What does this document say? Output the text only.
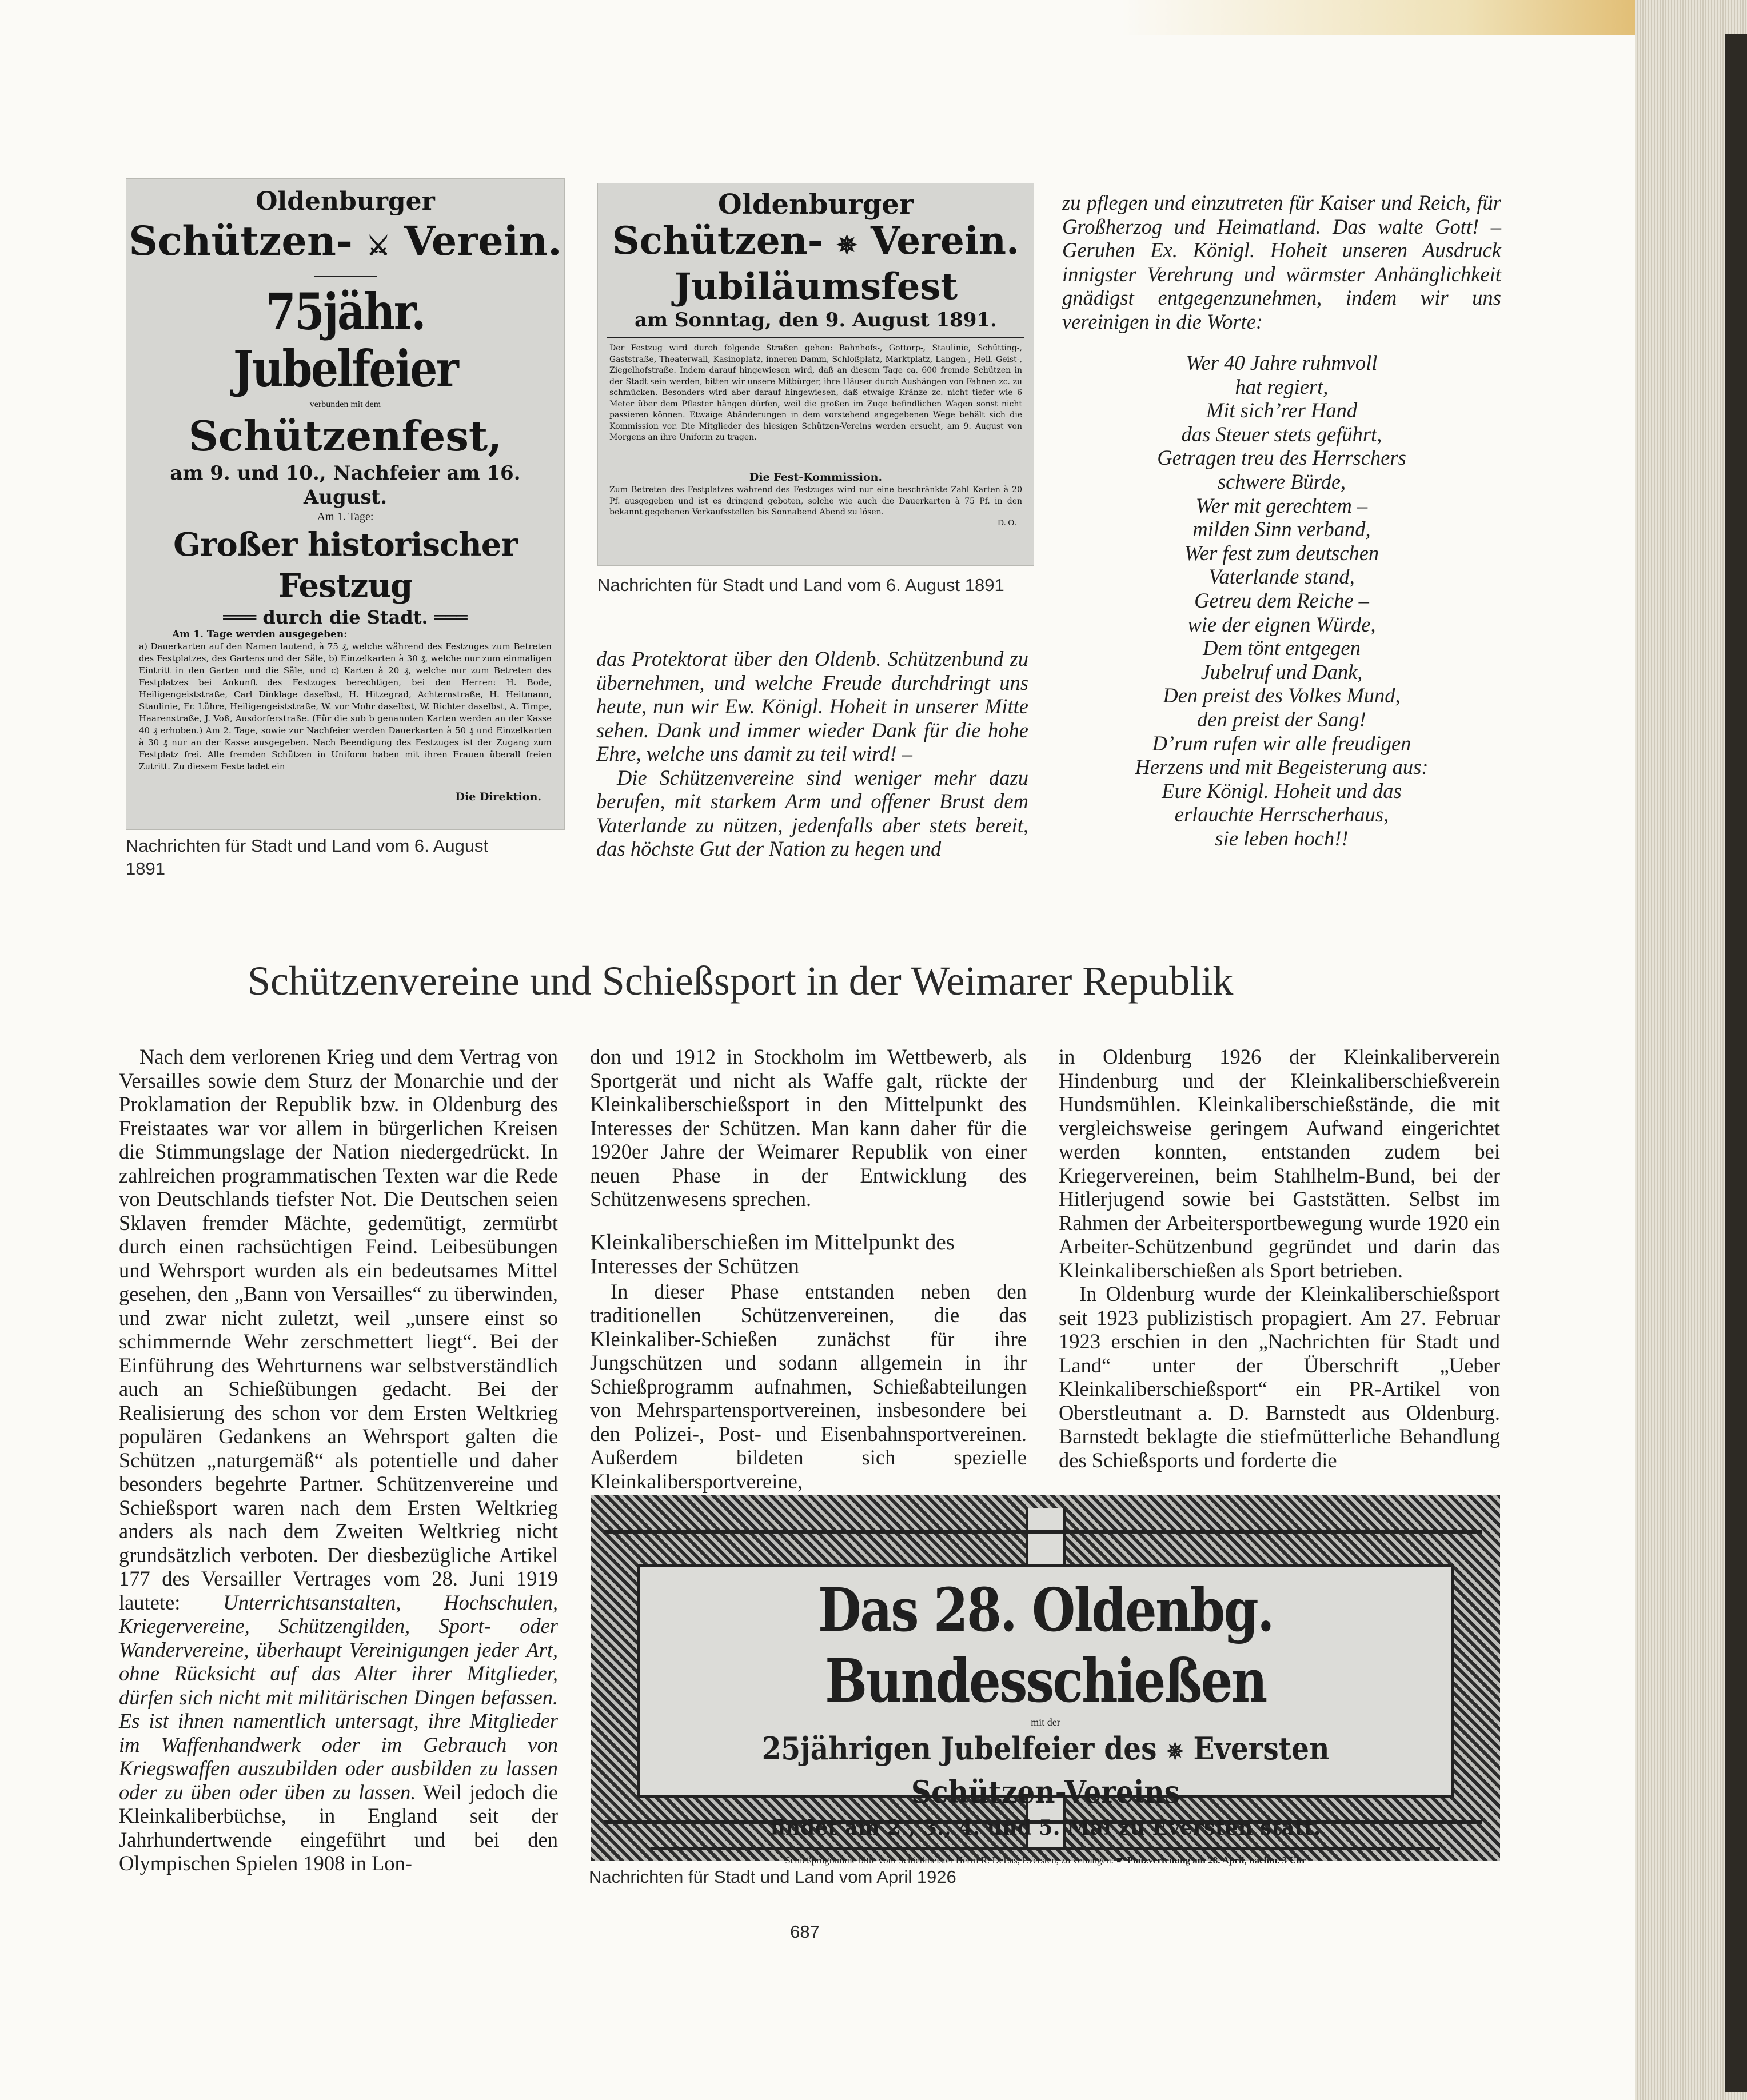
Oldenburger
Schützen- ⚔ Verein.
75jähr. Jubelfeier
verbunden mit dem
Schützenfest,
am 9. und 10., Nachfeier am 16. August.
Am 1. Tage:
Großer historischer Festzug
═══ durch die Stadt. ═══
Am 1. Tage werden ausgegeben:
a) Dauerkarten auf den Namen lautend, à 75 ₰, welche während des Festzuges zum Betreten des Festplatzes, des Gartens und der Säle, b) Einzelkarten à 30 ₰, welche nur zum einmaligen Eintritt in den Garten und die Säle, und c) Karten à 20 ₰, welche nur zum Betreten des Festplatzes bei Ankunft des Festzuges berechtigen, bei den Herren: H. Bode, Heiligengeiststraße, Carl Dinklage daselbst, H. Hitzegrad, Achternstraße, H. Heitmann, Staulinie, Fr. Lühre, Heiligengeiststraße, W. vor Mohr daselbst, W. Richter daselbst, A. Timpe, Haarenstraße, J. Voß, Ausdorferstraße. (Für die sub b genannten Karten werden an der Kasse 40 ₰ erhoben.) Am 2. Tage, sowie zur Nachfeier werden Dauerkarten à 50 ₰ und Einzelkarten à 30 ₰ nur an der Kasse ausgegeben. Nach Beendigung des Festzuges ist der Zugang zum Festplatz frei. Alle fremden Schützen in Uniform haben mit ihren Frauen überall freien Zutritt. Zu diesem Feste ladet ein
Die Direktion.
Nachrichten für Stadt und Land vom 6. August 1891
Oldenburger
Schützen- ✵ Verein.
Jubiläumsfest
am Sonntag, den 9. August 1891.
Der Festzug wird durch folgende Straßen gehen: Bahnhofs-, Gottorp-, Staulinie, Schütting-, Gaststraße, Theaterwall, Kasinoplatz, inneren Damm, Schloßplatz, Marktplatz, Langen-, Heil.-Geist-, Ziegelhofstraße. Indem darauf hingewiesen wird, daß an diesem Tage ca. 600 fremde Schützen in der Stadt sein werden, bitten wir unsere Mitbürger, ihre Häuser durch Aushängen von Fahnen zc. zu schmücken. Besonders wird aber darauf hingewiesen, daß etwaige Kränze zc. nicht tiefer wie 6 Meter über dem Pflaster hängen dürfen, weil die großen im Zuge befindlichen Wagen sonst nicht passieren können. Etwaige Abänderungen in dem vorstehend angegebenen Wege behält sich die Kommission vor. Die Mitglieder des hiesigen Schützen-Vereins werden ersucht, am 9. August von Morgens an ihre Uniform zu tragen.
Die Fest-Kommission.
Zum Betreten des Festplatzes während des Festzuges wird nur eine beschränkte Zahl Karten à 20 Pf. ausgegeben und ist es dringend geboten, solche wie auch die Dauerkarten à 75 Pf. in den bekannt gegebenen Verkaufsstellen bis Sonnabend Abend zu lösen.
D. O.
Nachrichten für Stadt und Land vom 6. August 1891

das Protektorat über den Oldenb. Schützenbund zu übernehmen, und welche Freude durchdringt uns heute, nun wir Ew. Königl. Hoheit in unserer Mitte sehen. Dank und immer wieder Dank für die hohe Ehre, welche uns damit zu teil wird! –

Die Schützenvereine sind weniger mehr dazu berufen, mit starkem Arm und offener Brust dem Vaterlande zu nützen, jedenfalls aber stets bereit, das höchste Gut der Nation zu hegen und

zu pflegen und einzutreten für Kaiser und Reich, für Großherzog und Heimatland. Das walte Gott! – Geruhen Ex. Königl. Hoheit unseren Ausdruck innigster Verehrung und wärmster Anhänglichkeit gnädigst entgegenzunehmen, indem wir uns vereinigen in die Worte:

Wer 40 Jahre ruhmvoll
hat regiert,
Mit sich’rer Hand
das Steuer stets geführt,
Getragen treu des Herrschers
schwere Bürde,
Wer mit gerechtem –
milden Sinn verband,
Wer fest zum deutschen
Vaterlande stand,
Getreu dem Reiche –
wie der eignen Würde,
Dem tönt entgegen
Jubelruf und Dank,
Den preist des Volkes Mund,
den preist der Sang!
D’rum rufen wir alle freudigen
Herzens und mit Begeisterung aus:
Eure Königl. Hoheit und das
erlauchte Herrscherhaus,
sie leben hoch!!
Schützenvereine und Schießsport in der Weimarer Republik

Nach dem verlorenen Krieg und dem Vertrag von Versailles sowie dem Sturz der Monarchie und der Proklamation der Republik bzw. in Oldenburg des Freistaates war vor allem in bürgerlichen Kreisen die Stimmungslage der Nation niedergedrückt. In zahlreichen programmatischen Texten war die Rede von Deutschlands tiefster Not. Die Deutschen seien Sklaven fremder Mächte, gedemütigt, zermürbt durch einen rachsüchtigen Feind. Leibesübungen und Wehrsport wurden als ein bedeutsames Mittel gesehen, den „Bann von Versailles“ zu überwinden, und zwar nicht zuletzt, weil „unsere einst so schimmernde Wehr zerschmettert liegt“. Bei der Einführung des Wehrturnens war selbstverständlich auch an Schießübungen gedacht. Bei der Realisierung des schon vor dem Ersten Weltkrieg populären Gedankens an Wehrsport galten die Schützen „naturgemäß“ als potentielle und daher besonders begehrte Partner. Schützenvereine und Schießsport waren nach dem Ersten Weltkrieg anders als nach dem Zweiten Weltkrieg nicht grundsätzlich verboten. Der diesbezügliche Artikel 177 des Versailler Vertrages vom 28. Juni 1919 lautete: Unterrichtsanstalten, Hochschulen, Kriegervereine, Schützengilden, Sport- oder Wandervereine, überhaupt Vereinigungen jeder Art, ohne Rücksicht auf das Alter ihrer Mitglieder, dürfen sich nicht mit militärischen Dingen befassen. Es ist ihnen namentlich untersagt, ihre Mitglieder im Waffenhandwerk oder im Gebrauch von Kriegswaffen auszubilden oder ausbilden zu lassen oder zu üben oder üben zu lassen. Weil jedoch die Kleinkaliberbüchse, in England seit der Jahrhundertwende eingeführt und bei den Olympischen Spielen 1908 in Lon-

don und 1912 in Stockholm im Wettbewerb, als Sportgerät und nicht als Waffe galt, rückte der Kleinkaliberschießsport in den Mittelpunkt des Interesses der Schützen. Man kann daher für die 1920er Jahre der Weimarer Republik von einer neuen Phase in der Entwicklung des Schützenwesens sprechen.

Kleinkaliberschießen im Mittelpunkt des Interesses der Schützen

In dieser Phase entstanden neben den traditionellen Schützenvereinen, die das Kleinkaliber-Schießen zunächst für ihre Jungschützen und sodann allgemein in ihr Schießprogramm aufnahmen, Schießabteilungen von Mehrspartensportvereinen, insbesondere bei den Polizei-, Post- und Eisenbahnsportvereinen. Außerdem bildeten sich spezielle Kleinkalibersportvereine,

in Oldenburg 1926 der Kleinkaliberverein Hindenburg und der Kleinkaliberschießverein Hundsmühlen. Kleinkaliberschießstände, die mit vergleichsweise geringem Aufwand eingerichtet werden konnten, entstanden zudem bei Kriegervereinen, beim Stahlhelm-Bund, bei der Hitlerjugend sowie bei Gaststätten. Selbst im Rahmen der Arbeitersportbewegung wurde 1920 ein Arbeiter-Schützenbund gegründet und darin das Kleinkaliberschießen als Sport betrieben.

In Oldenburg wurde der Kleinkaliberschießsport seit 1923 publizistisch propagiert. Am 27. Februar 1923 erschien in den „Nachrichten für Stadt und Land“ unter der Überschrift „Ueber Kleinkaliberschießsport“ ein PR-Artikel von Oberstleutnant a. D. Barnstedt aus Oldenburg. Barnstedt beklagte die stiefmütterliche Behandlung des Schießsports und forderte die

Das 28. Oldenbg. Bundesschießen
mit der
25jährigen Jubelfeier des ✵ Eversten Schützen-Vereins
findet am 2., 3., 4. und 5. Mai zu Eversten statt.
Schießprogramme bitte vom Schießmeister Herrn R. DeLas, Eversten, zu verlangen. ☛ Platzverteilung am 28. April, nachm. 3 Uhr
Nachrichten für Stadt und Land vom April 1926
687
